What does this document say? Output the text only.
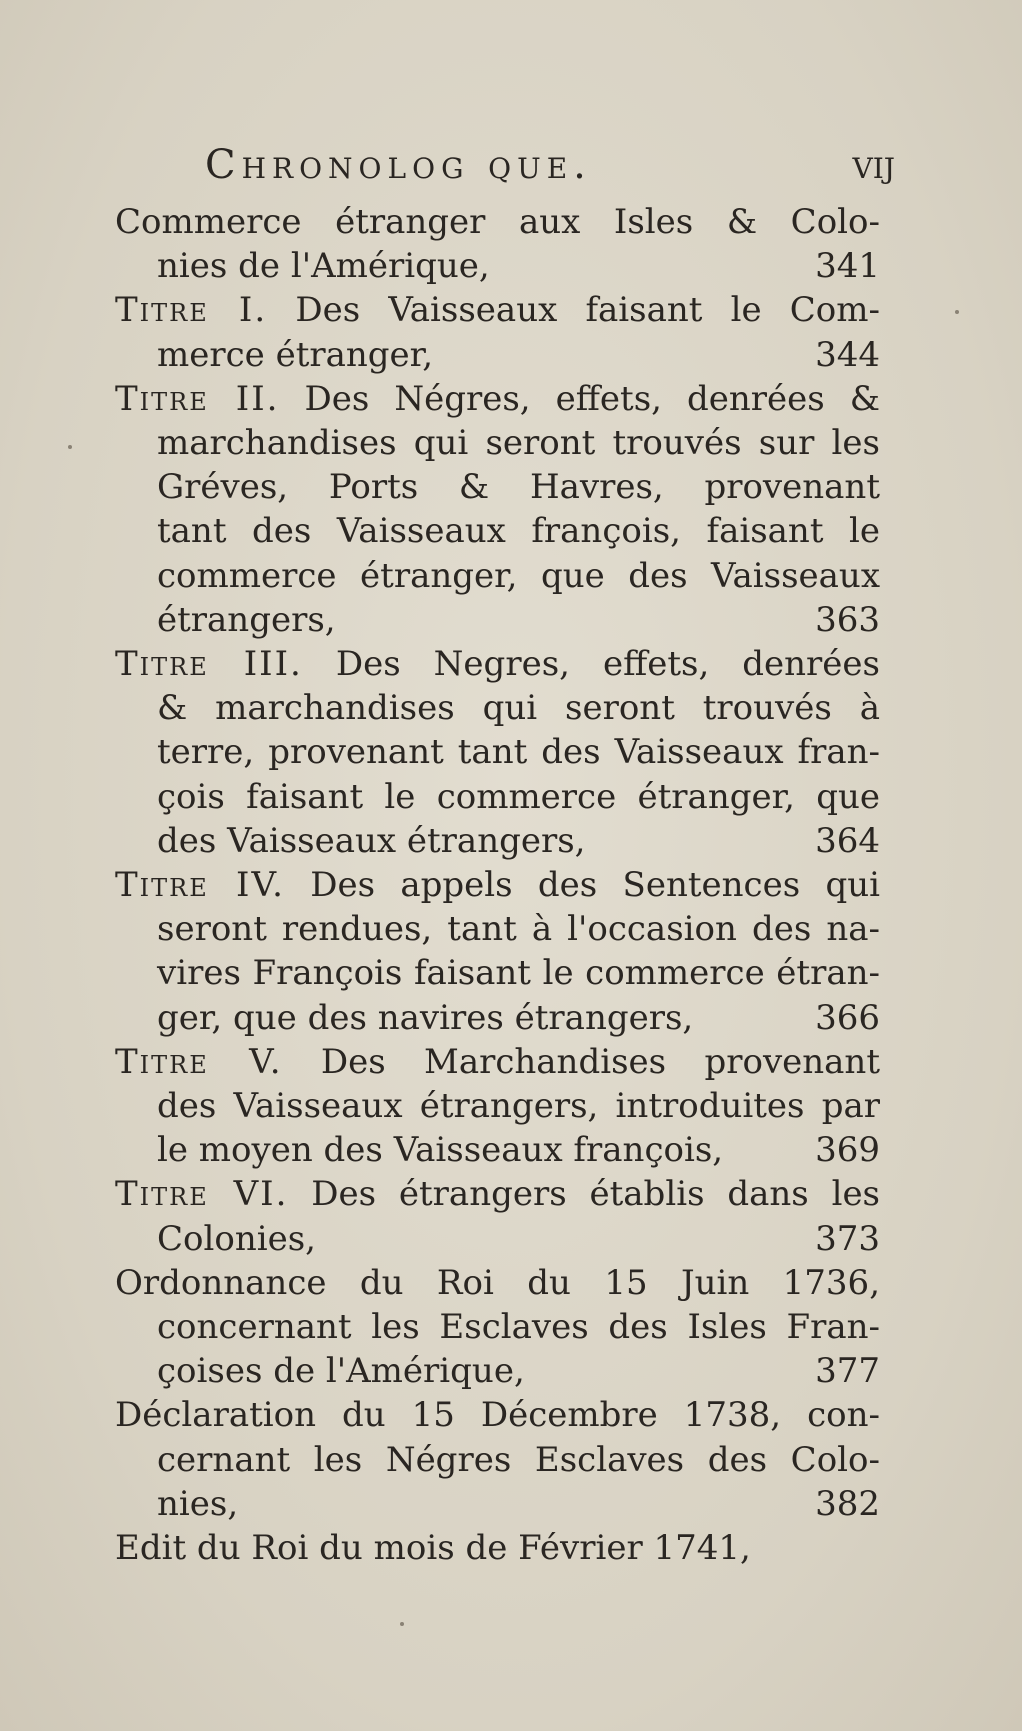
Chronolog que.	vij
Commerce étranger aux Isles & Colo-
nies de l'Amérique,	341
Titre I. Des Vaisseaux faisant le Com-
merce étranger,	344
Titre II. Des Négres, effets, denrées &
marchandises qui seront trouvés sur les
Gréves, Ports & Havres, provenant
tant des Vaisseaux françois, faisant le
commerce étranger, que des Vaisseaux
étrangers,	363
Titre III. Des Negres, effets, denrées
& marchandises qui seront trouvés à
terre, provenant tant des Vaisseaux fran-
çois faisant le commerce étranger, que
des Vaisseaux étrangers,	364
Titre IV. Des appels des Sentences qui
seront rendues, tant à l'occasion des na-
vires François faisant le commerce étran-
ger, que des navires étrangers,	366
Titre V. Des Marchandises provenant
des Vaisseaux étrangers, introduites par
le moyen des Vaisseaux françois,	369
Titre VI. Des étrangers établis dans les
Colonies,	373
Ordonnance du Roi du 15 Juin 1736,
concernant les Esclaves des Isles Fran-
çoises de l'Amérique,	377
Déclaration du 15 Décembre 1738, con-
cernant les Négres Esclaves des Colo-
nies,	382
Edit du Roi du mois de Février 1741,
